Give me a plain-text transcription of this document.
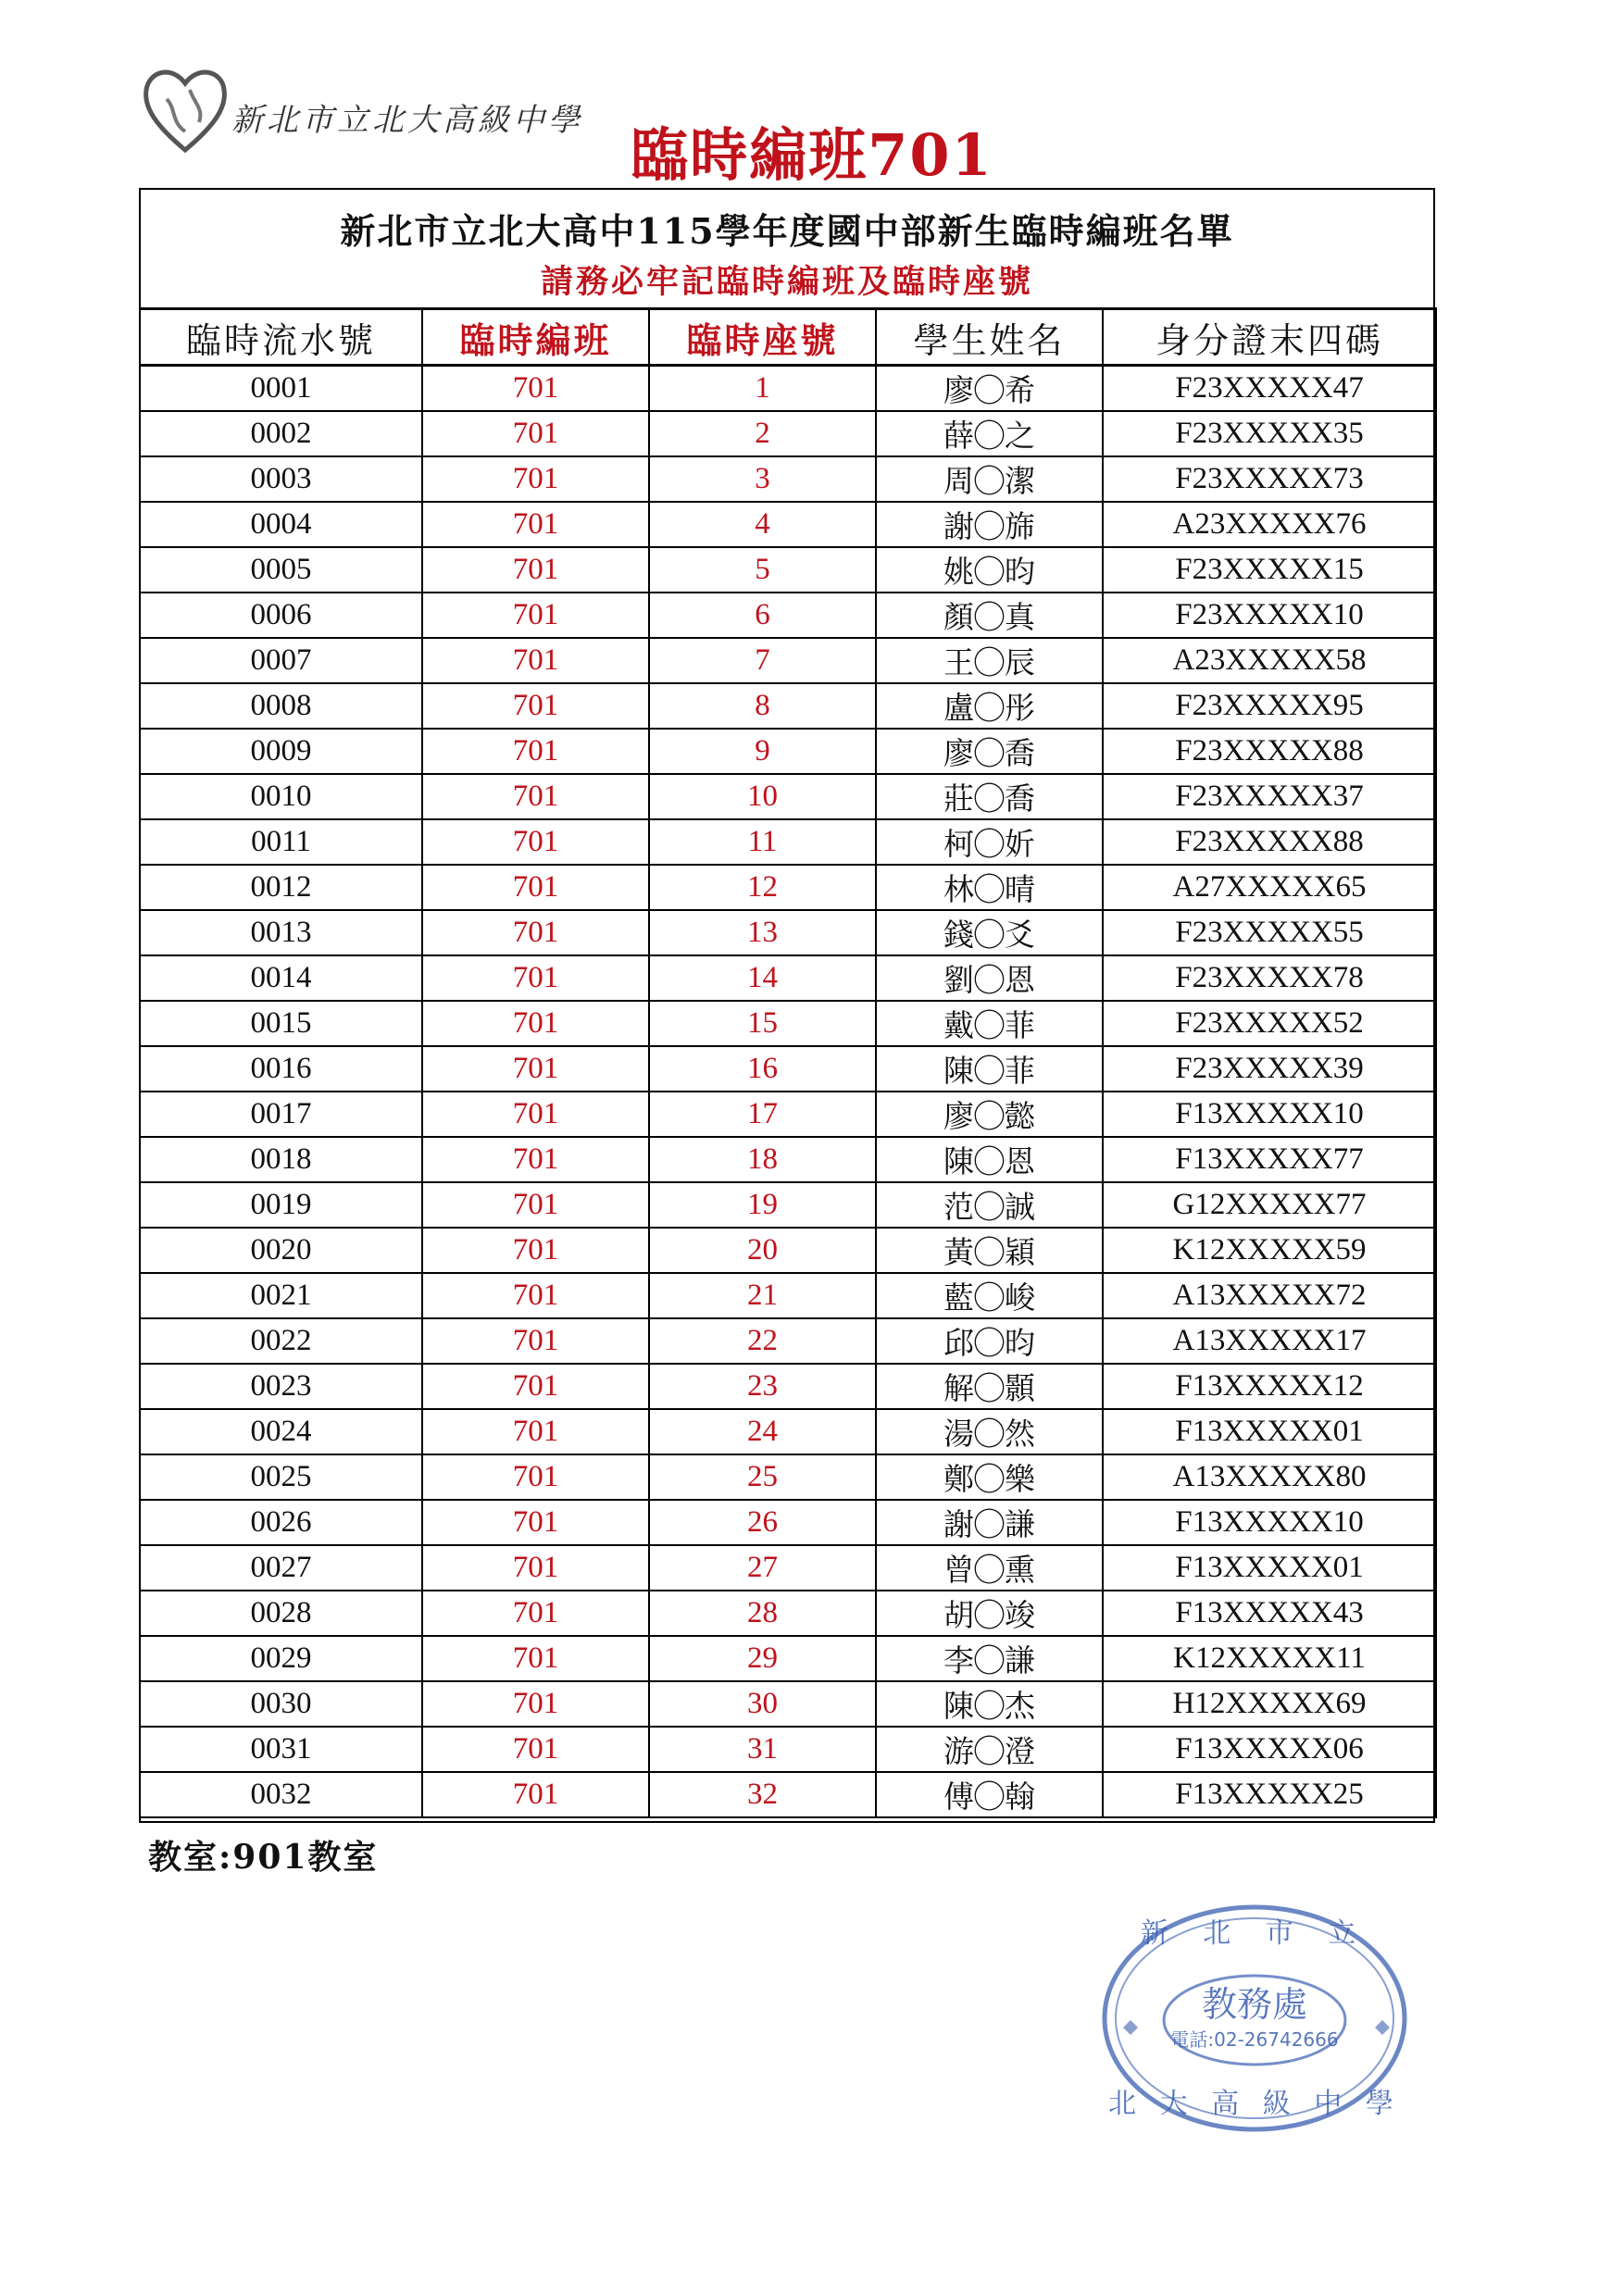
新北市立北大高級中學
臨時編班701
新北市立北大高中115學年度國中部新生臨時編班名單
請務必牢記臨時編班及臨時座號
臨時流水號	臨時編班	臨時座號	學生姓名	身分證末四碼
0001	701	1	廖◯希	F23XXXXX47
0002	701	2	薛◯之	F23XXXXX35
0003	701	3	周◯潔	F23XXXXX73
0004	701	4	謝◯旆	A23XXXXX76
0005	701	5	姚◯昀	F23XXXXX15
0006	701	6	顏◯真	F23XXXXX10
0007	701	7	王◯辰	A23XXXXX58
0008	701	8	盧◯彤	F23XXXXX95
0009	701	9	廖◯喬	F23XXXXX88
0010	701	10	莊◯喬	F23XXXXX37
0011	701	11	柯◯妡	F23XXXXX88
0012	701	12	林◯晴	A27XXXXX65
0013	701	13	錢◯爻	F23XXXXX55
0014	701	14	劉◯恩	F23XXXXX78
0015	701	15	戴◯菲	F23XXXXX52
0016	701	16	陳◯菲	F23XXXXX39
0017	701	17	廖◯懿	F13XXXXX10
0018	701	18	陳◯恩	F13XXXXX77
0019	701	19	范◯誠	G12XXXXX77
0020	701	20	黃◯穎	K12XXXXX59
0021	701	21	藍◯峻	A13XXXXX72
0022	701	22	邱◯昀	A13XXXXX17
0023	701	23	解◯顥	F13XXXXX12
0024	701	24	湯◯然	F13XXXXX01
0025	701	25	鄭◯樂	A13XXXXX80
0026	701	26	謝◯謙	F13XXXXX10
0027	701	27	曾◯熏	F13XXXXX01
0028	701	28	胡◯竣	F13XXXXX43
0029	701	29	李◯謙	K12XXXXX11
0030	701	30	陳◯杰	H12XXXXX69
0031	701	31	游◯澄	F13XXXXX06
0032	701	32	傅◯翰	F13XXXXX25
教室:901教室
新 北 市 立
教務處
電話:02-26742666
北 大 高 級 中 學
